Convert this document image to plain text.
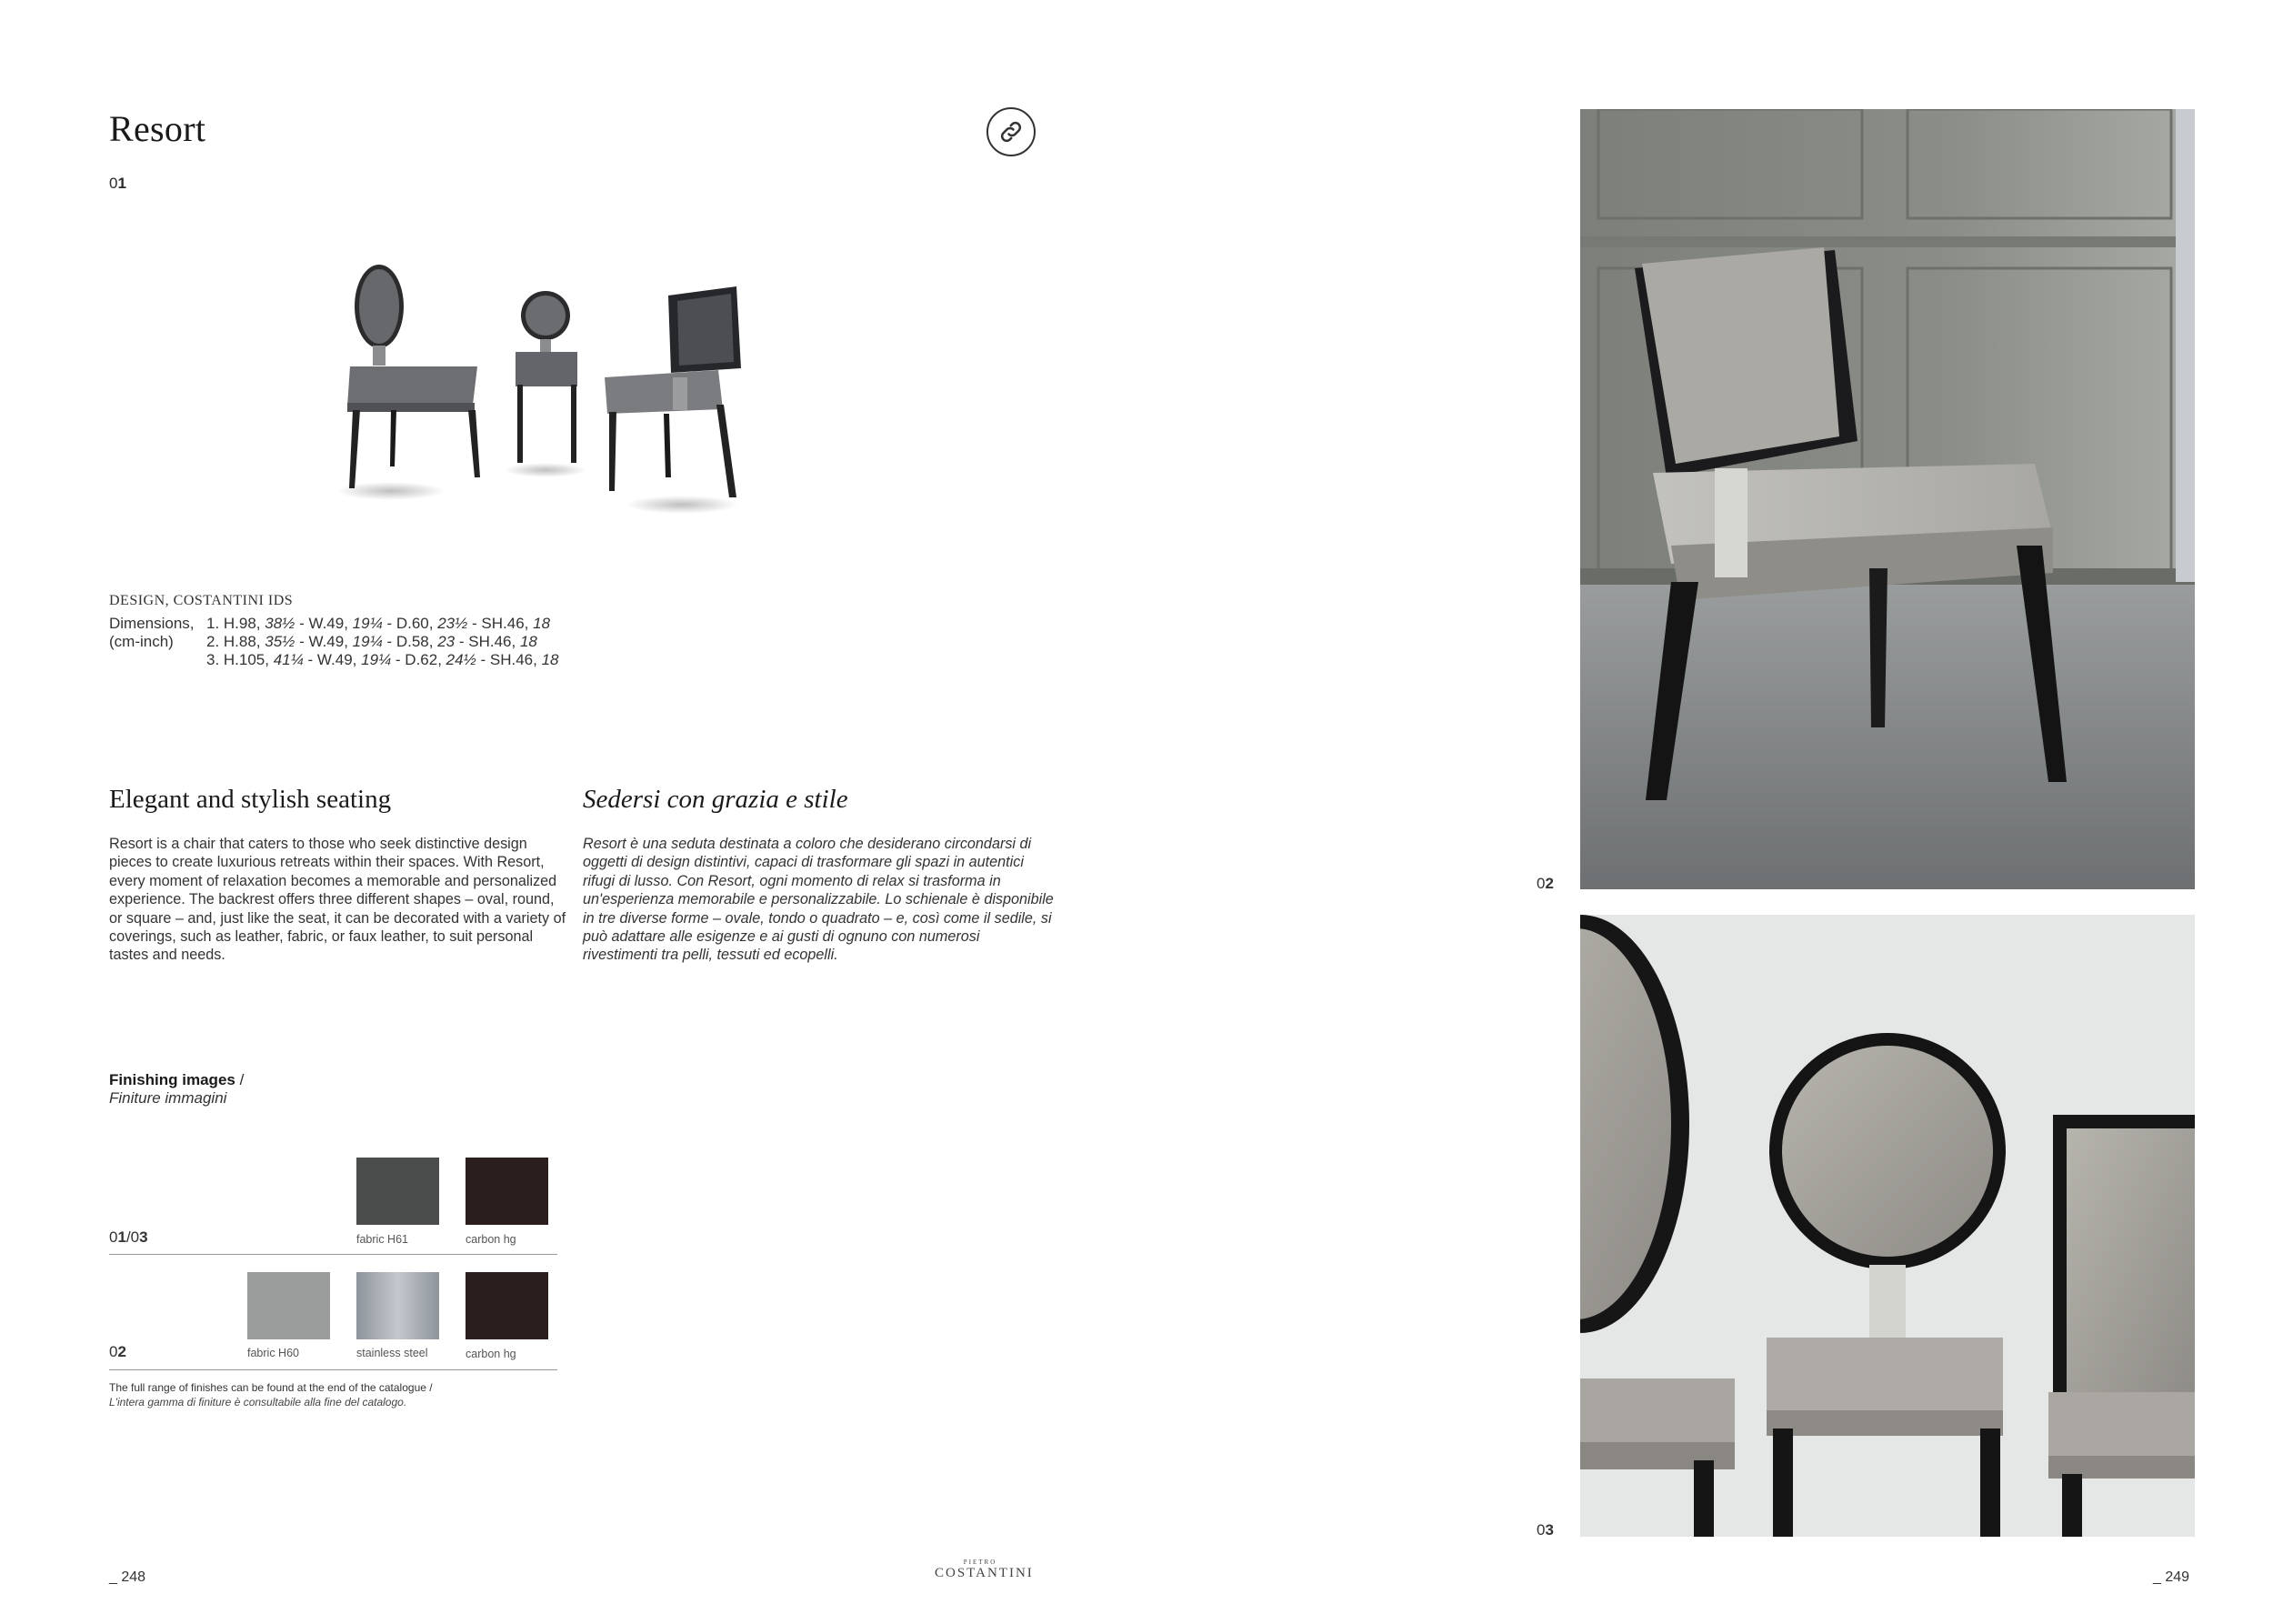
Resort
01
DESIGN, COSTANTINI IDS
Dimensions,
(cm-inch)
1. H.98, 38½ - W.49, 19¼ - D.60, 23½ - SH.46, 18
2. H.88, 35½ - W.49, 19¼ - D.58, 23 - SH.46, 18
3. H.105, 41¼ - W.49, 19¼ - D.62, 24½ - SH.46, 18
Elegant and stylish seating	Sedersi con grazia e stile
Resort is a chair that caters to those who seek distinctive design pieces to create luxurious retreats within their spaces. With Resort, every moment of relaxation becomes a memorable and personalized experience. The backrest offers three different shapes – oval, round, or square – and, just like the seat, it can be decorated with a variety of coverings, such as leather, fabric, or faux leather, to suit personal tastes and needs.
Resort è una seduta destinata a coloro che desiderano circondarsi di oggetti di design distintivi, capaci di trasformare gli spazi in autentici rifugi di lusso. Con Resort, ogni momento di relax si trasforma in un'esperienza memorabile e personalizzabile. Lo schienale è disponibile in tre diverse forme – ovale, tondo o quadrato – e, così come il sedile, si può adattare alle esigenze e ai gusti di ognuno con numerosi rivestimenti tra pelli, tessuti ed ecopelli.
Finishing images /
Finiture immagini
fabric H61	carbon hg
01/03
fabric H60	stainless steel	carbon hg
02
The full range of finishes can be found at the end of the catalogue /
L'intera gamma di finiture è consultabile alla fine del catalogo.
02
03
_ 248
PIETRO
COSTANTINI	_ 249
